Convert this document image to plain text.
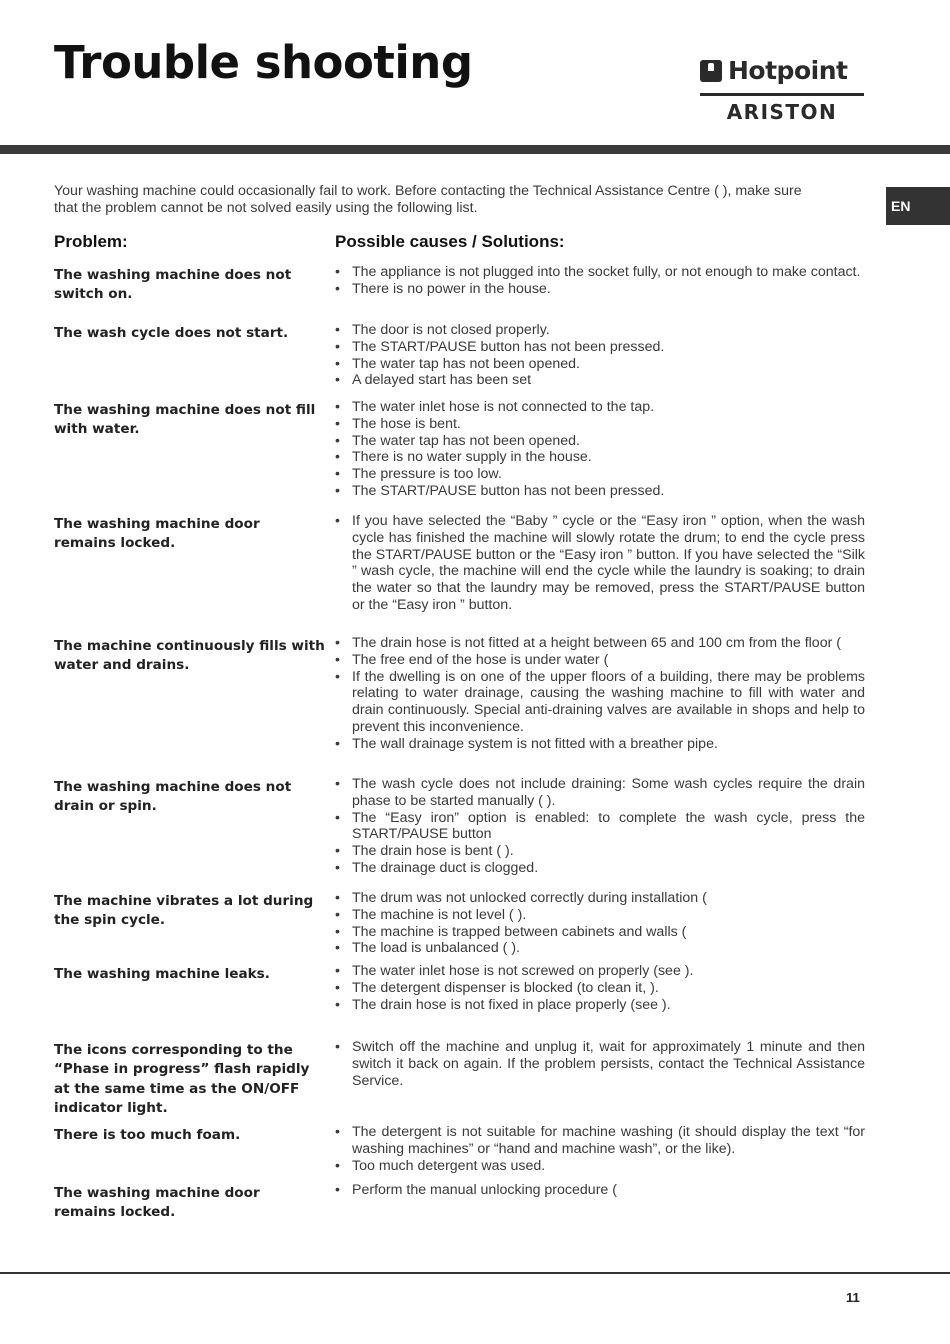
Trouble shooting	Hotpoint
ARISTON
EN

Your washing machine could occasionally fail to work. Before contacting the Technical Assistance Centre ( ), make sure that the problem cannot be not solved easily using the following list.

Problem:	Possible causes / Solutions:
The washing machine does not switch on.
• The appliance is not plugged into the socket fully, or not enough to make contact.
• There is no power in the house.
The wash cycle does not start.	• The door is not closed properly.
• The START/PAUSE button has not been pressed.
• The water tap has not been opened.
• A delayed start has been set
The washing machine does not fill with water.
• The water inlet hose is not connected to the tap.
• The hose is bent.
• The water tap has not been opened.
• There is no water supply in the house.
• The pressure is too low.
• The START/PAUSE button has not been pressed.
The washing machine door remains locked.
• If you have selected the “Baby ” cycle or the “Easy iron ” option, when the wash cycle has finished the machine will slowly rotate the drum; to end the cycle press the START/PAUSE button or the “Easy iron ” button. If you have selected the “Silk ” wash cycle, the machine will end the cycle while the laundry is soaking; to drain the water so that the laundry may be removed, press the START/PAUSE button or the “Easy iron ” button.
The machine continuously fills with water and drains.
• The drain hose is not fitted at a height between 65 and 100 cm from the floor (
• The free end of the hose is under water (
• If the dwelling is on one of the upper floors of a building, there may be problems relating to water drainage, causing the washing machine to fill with water and drain continuously. Special anti-draining valves are available in shops and help to prevent this inconvenience.
• The wall drainage system is not fitted with a breather pipe.
The washing machine does not drain or spin.
• The wash cycle does not include draining: Some wash cycles require the drain phase to be started manually ( ).
• The “Easy iron” option is enabled: to complete the wash cycle, press the START/PAUSE button
• The drain hose is bent ( ).
• The drainage duct is clogged.
The machine vibrates a lot during the spin cycle.
• The drum was not unlocked correctly during installation (
• The machine is not level ( ).
• The machine is trapped between cabinets and walls (
• The load is unbalanced ( ).
The washing machine leaks.	• The water inlet hose is not screwed on properly (see ).
• The detergent dispenser is blocked (to clean it, ).
• The drain hose is not fixed in place properly (see ).
The icons corresponding to the “Phase in progress” flash rapidly at the same time as the ON/OFF indicator light.
• Switch off the machine and unplug it, wait for approximately 1 minute and then switch it back on again. If the problem persists, contact the Technical Assistance Service.
There is too much foam.	• The detergent is not suitable for machine washing (it should display the text “for washing machines” or “hand and machine wash”, or the like).
• Too much detergent was used.
The washing machine door remains locked.
• Perform the manual unlocking procedure (
11
